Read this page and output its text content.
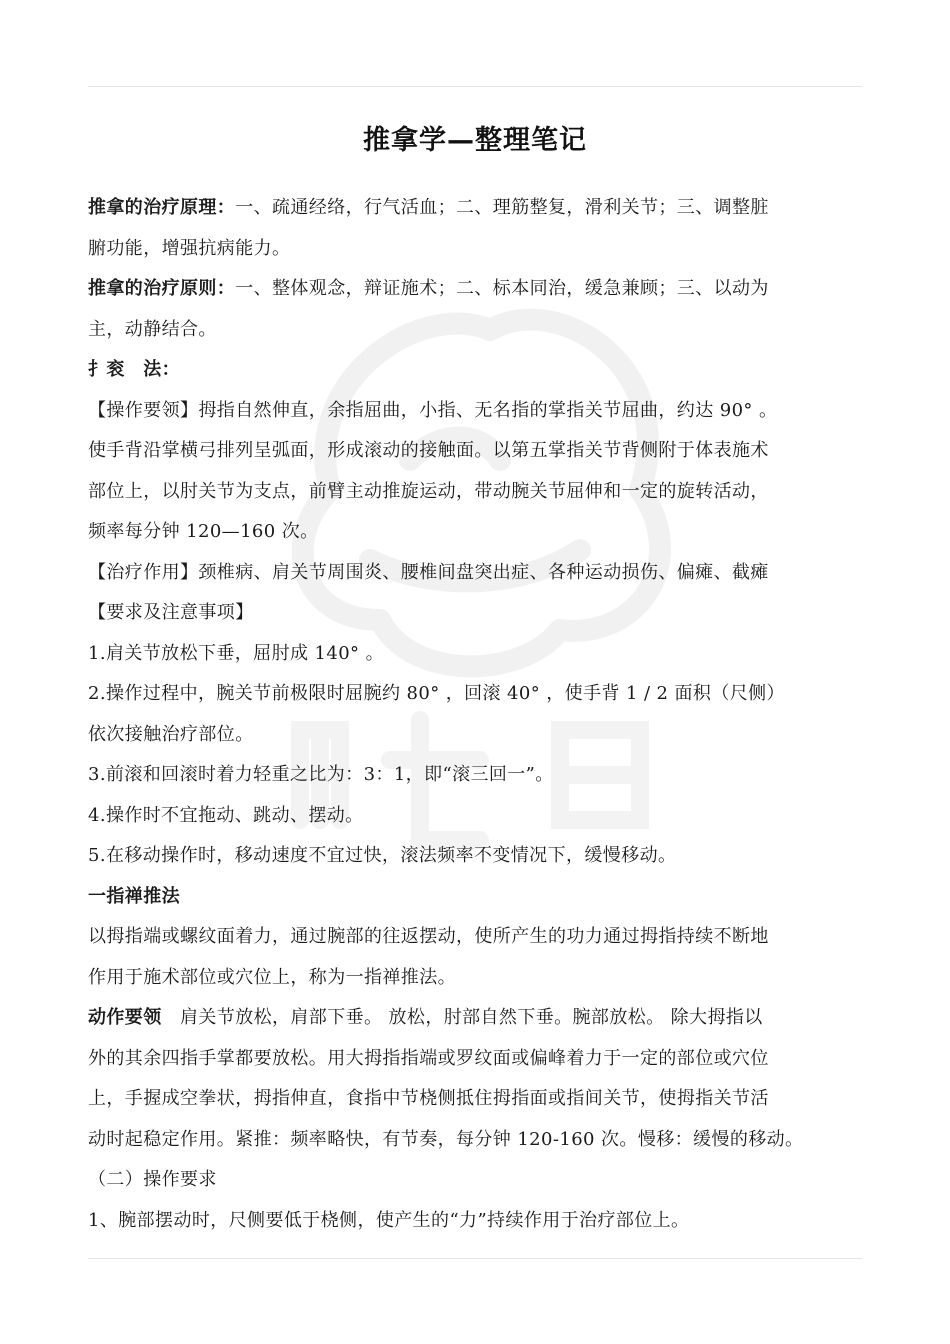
推拿学—整理笔记

推拿的治疗原理：一、疏通经络，行气活血；二、理筋整复，滑利关节；三、调整脏

腑功能，增强抗病能力。

推拿的治疗原则：一、整体观念，辩证施术；二、标本同治，缓急兼顾；三、以动为

主，动静结合。

扌衮　法：

【操作要领】拇指自然伸直，余指屈曲，小指、无名指的掌指关节屈曲，约达 90° 。

使手背沿掌横弓排列呈弧面，形成滚动的接触面。以第五掌指关节背侧附于体表施术

部位上，以肘关节为支点，前臂主动推旋运动，带动腕关节屈伸和一定的旋转活动，

频率每分钟 120—160 次。

【治疗作用】颈椎病、肩关节周围炎、腰椎间盘突出症、各种运动损伤、偏瘫、截瘫

【要求及注意事项】

1.肩关节放松下垂，屈肘成 140° 。

2.操作过程中，腕关节前极限时屈腕约 80° ，回滚 40° ，使手背 1 / 2 面积（尺侧）

依次接触治疗部位。

3.前滚和回滚时着力轻重之比为：3：1，即“滚三回一”。

4.操作时不宜拖动、跳动、摆动。

5.在移动操作时，移动速度不宜过快，滚法频率不变情况下，缓慢移动。

一指禅推法

以拇指端或螺纹面着力，通过腕部的往返摆动，使所产生的功力通过拇指持续不断地

作用于施术部位或穴位上，称为一指禅推法。

动作要领　肩关节放松，肩部下垂。 放松，肘部自然下垂。腕部放松。 除大拇指以

外的其余四指手掌都要放松。用大拇指指端或罗纹面或偏峰着力于一定的部位或穴位

上，手握成空拳状，拇指伸直，食指中节桡侧抵住拇指面或指间关节，使拇指关节活

动时起稳定作用。紧推：频率略快，有节奏，每分钟 120-160 次。慢移：缓慢的移动。

（二）操作要求

1、腕部摆动时，尺侧要低于桡侧，使产生的“力”持续作用于治疗部位上。
